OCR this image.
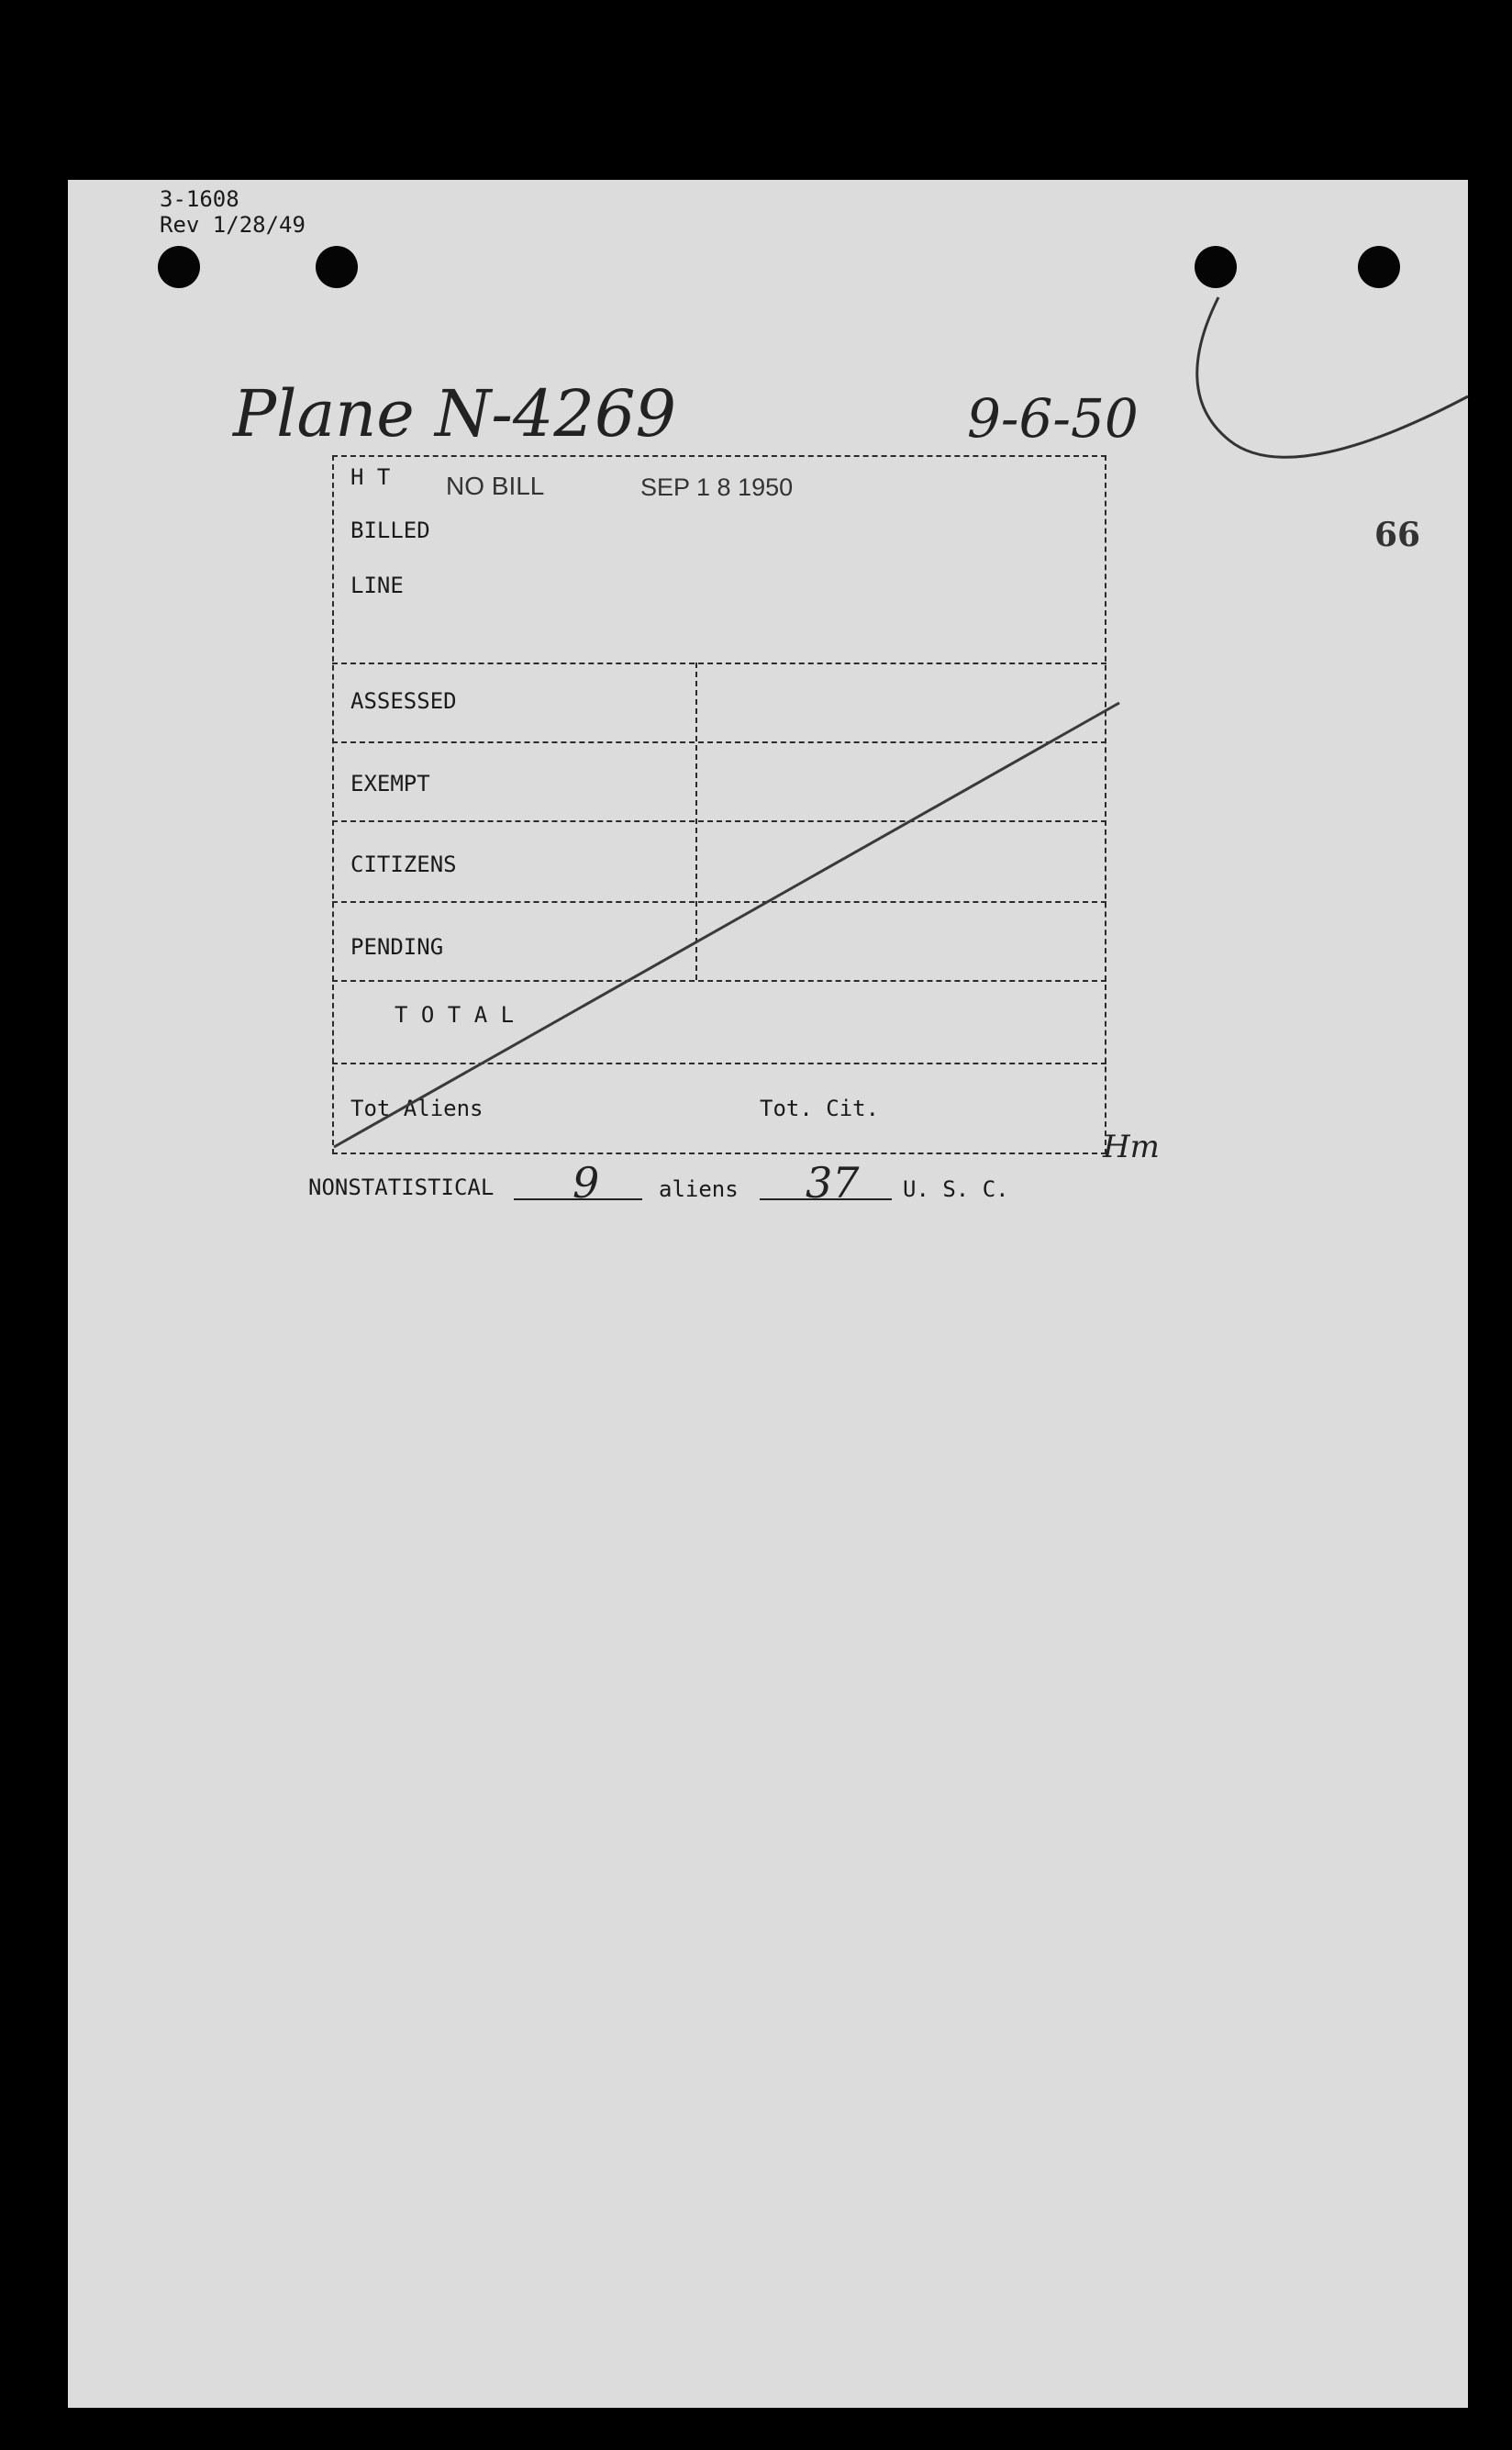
3-1608
Rev 1/28/49
Plane N-4269	9-6-50
66
H T NO BILL	SEP 1 8 1950
BILLED
LINE
ASSESSED
EXEMPT
CITIZENS
PENDING
T O T A L
Tot Aliens	Tot. Cit.
Hm
NONSTATISTICAL 9	aliens 37 U. S. C.
